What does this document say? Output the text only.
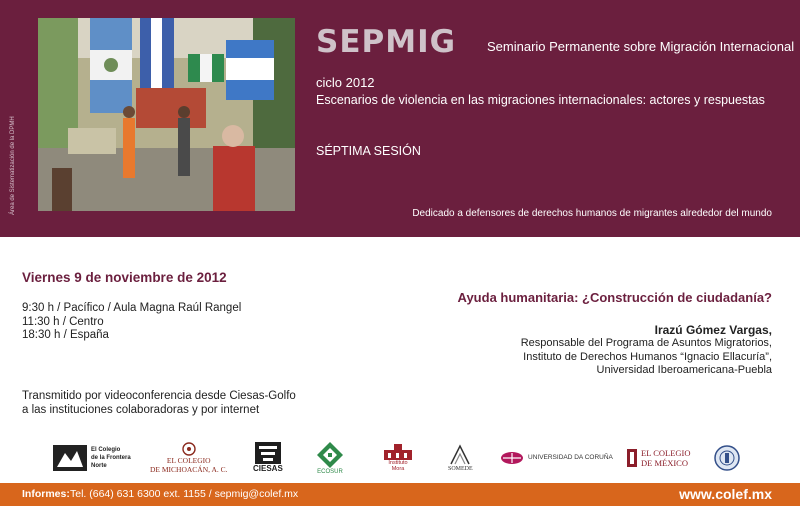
Área de Sistematización de la DPMH
SEPMIG Seminario Permanente sobre Migración Internacional
ciclo 2012
Escenarios de violencia en las migraciones internacionales: actores y respuestas
SÉPTIMA SESIÓN
Dedicado a defensores de derechos humanos de migrantes alrededor del mundo
Viernes 9 de noviembre de 2012
9:30 h / Pacífico / Aula Magna Raúl Rangel
11:30 h / Centro
18:30 h / España
Transmitido por videoconferencia desde Ciesas-Golfo
a las instituciones colaboradoras y por internet
Ayuda humanitaria: ¿Construcción de ciudadanía?
Irazú Gómez Vargas,
Responsable del Programa de Asuntos Migratorios,
Instituto de Derechos Humanos “Ignacio Ellacuría”,
Universidad Iberoamericana-Puebla
El Colegio
de la Frontera
Norte
EL COLEGIO
DE MICHOACÁN, A. C.	CIESAS	ECOSUR
Instituto
Mora	SOMEDE
UNIVERSIDAD DA CORUÑA	EL COLEGIO
DE MÉXICO
Informes: Tel. (664) 631 6300 ext. 1155 / sepmig@colef.mx	www.colef.mx
